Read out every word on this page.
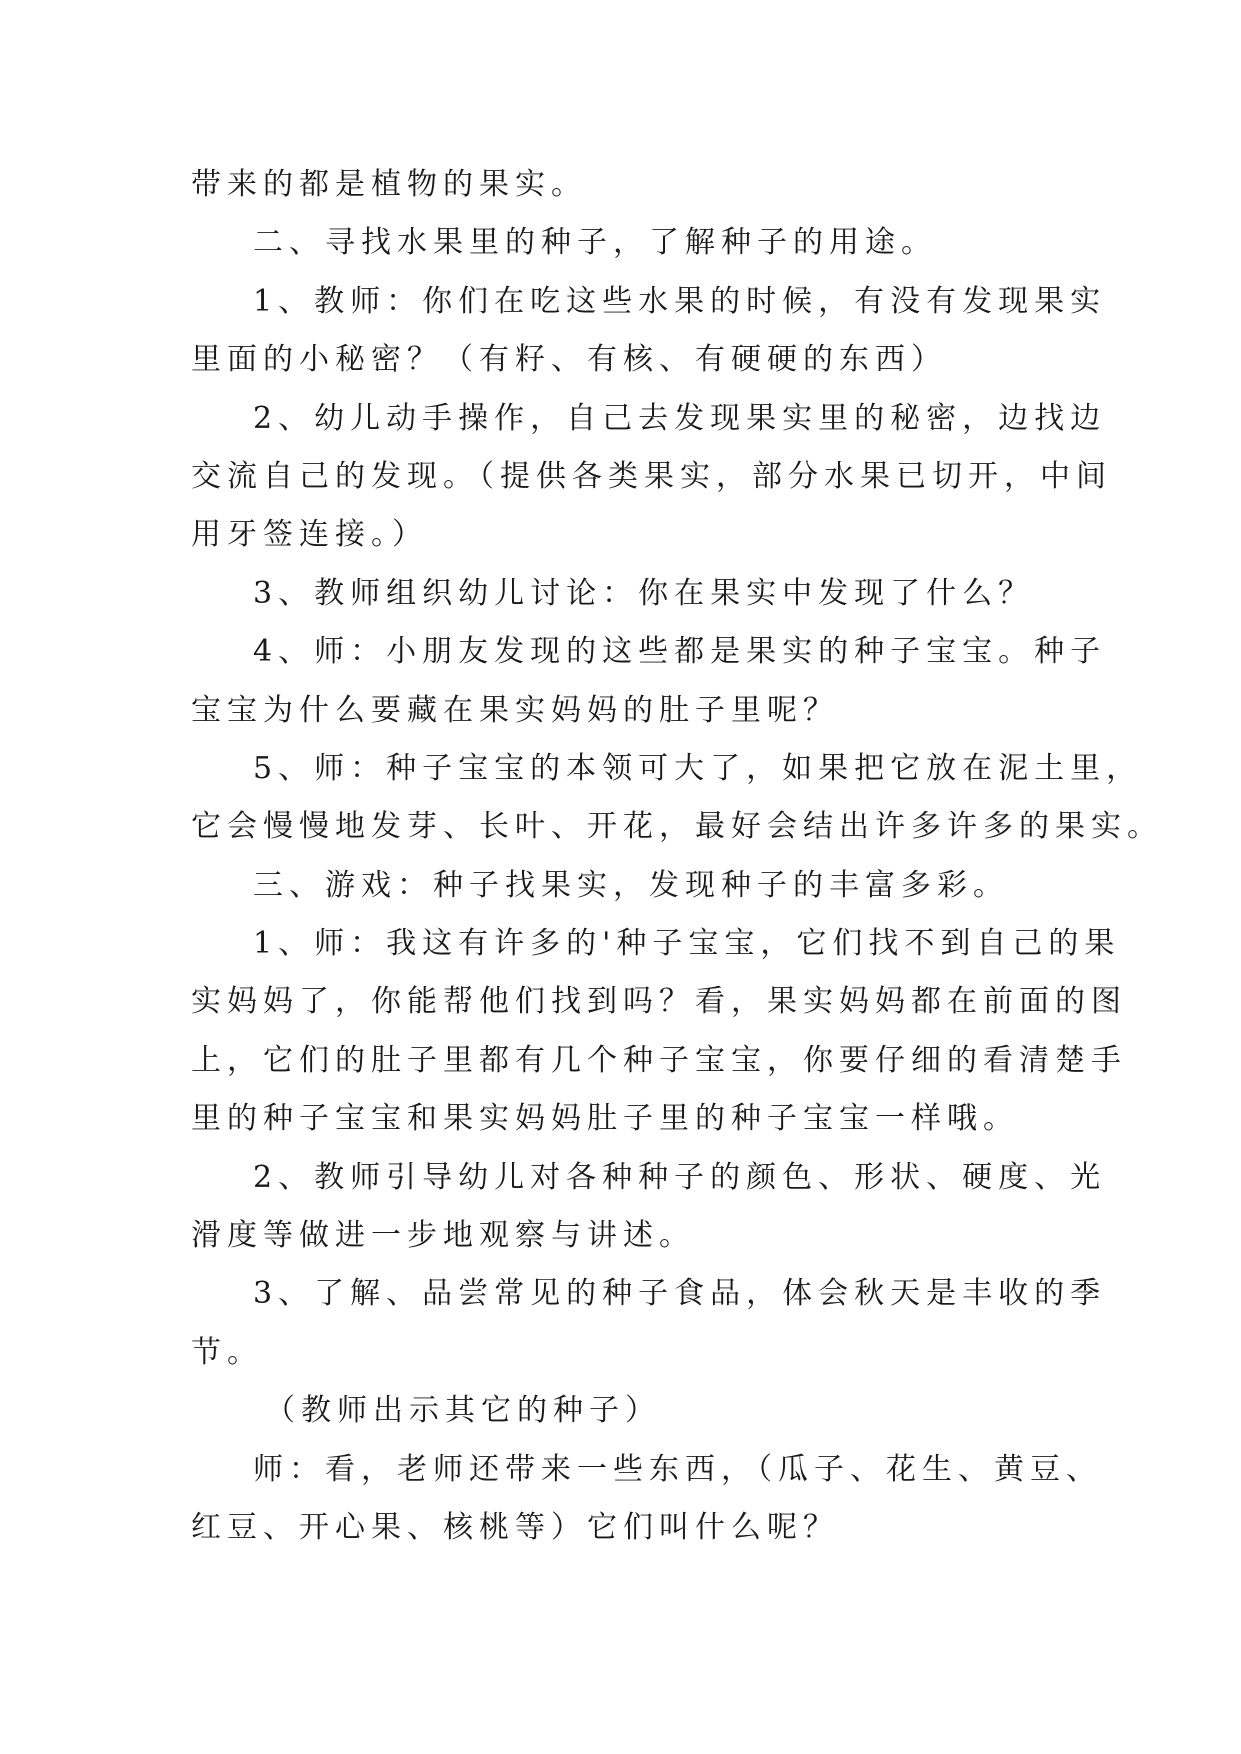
带来的都是植物的果实。
二、寻找水果里的种子，了解种子的用途。
1、教师：你们在吃这些水果的时候，有没有发现果实
里面的小秘密？（有籽、有核、有硬硬的东西）
2、幼儿动手操作，自己去发现果实里的秘密，边找边
交流自己的发现。（提供各类果实，部分水果已切开，中间
用牙签连接。）
3、教师组织幼儿讨论：你在果实中发现了什么？
4、师：小朋友发现的这些都是果实的种子宝宝。种子
宝宝为什么要藏在果实妈妈的肚子里呢？
5、师：种子宝宝的本领可大了，如果把它放在泥土里，
它会慢慢地发芽、长叶、开花，最好会结出许多许多的果实。
三、游戏：种子找果实，发现种子的丰富多彩。
1、师：我这有许多的'种子宝宝，它们找不到自己的果
实妈妈了，你能帮他们找到吗？看，果实妈妈都在前面的图
上，它们的肚子里都有几个种子宝宝，你要仔细的看清楚手
里的种子宝宝和果实妈妈肚子里的种子宝宝一样哦。
2、教师引导幼儿对各种种子的颜色、形状、硬度、光
滑度等做进一步地观察与讲述。
3、了解、品尝常见的种子食品，体会秋天是丰收的季
节。
（教师出示其它的种子）
师：看，老师还带来一些东西，（瓜子、花生、黄豆、
红豆、开心果、核桃等）它们叫什么呢？
